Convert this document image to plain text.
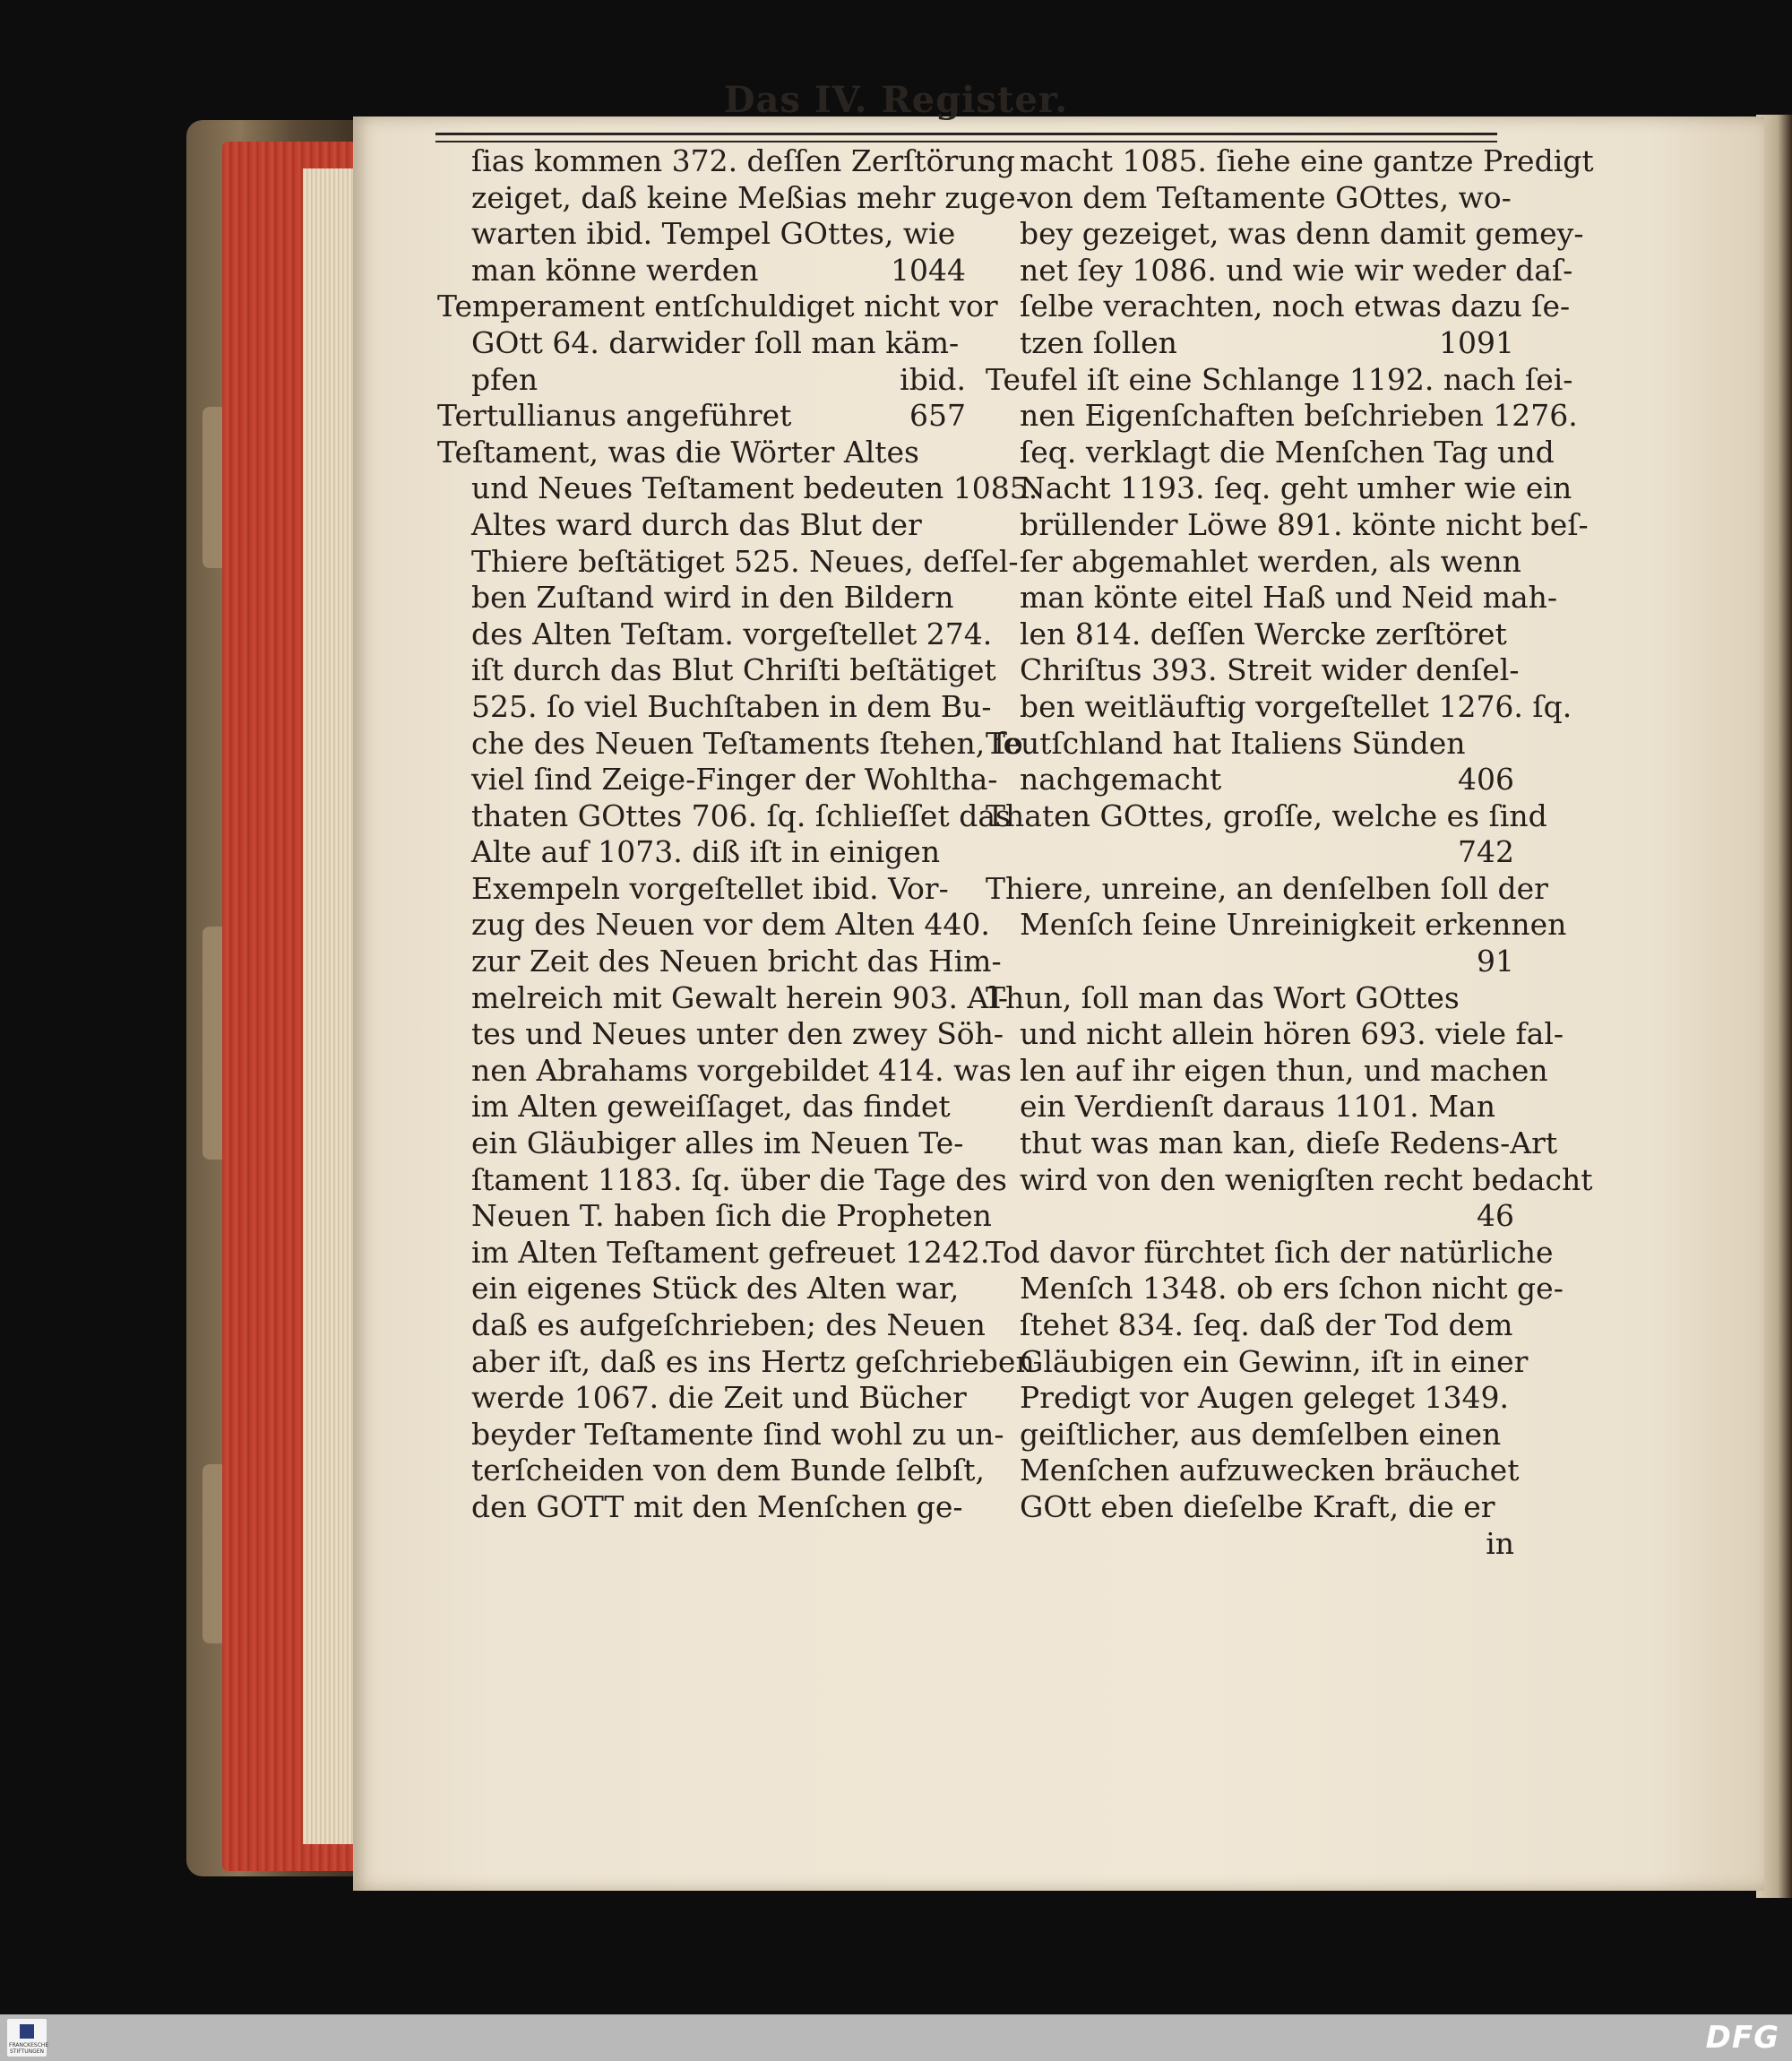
Das IV. Register.
ſias kommen 372. deſſen Zerſtörung
zeiget, daß keine Meßias mehr zuge-
warten ibid. Tempel GOttes, wie
1044
man könne werden
Temperament entſchuldiget nicht vor
GOtt 64. darwider ſoll man käm-
ibid.
pfen
657
Tertullianus angeführet
Teſtament, was die Wörter Altes
und Neues Teſtament bedeuten 1085.
Altes ward durch das Blut der
Thiere beſtätiget 525. Neues, deſſel-
ben Zuſtand wird in den Bildern
des Alten Teſtam. vorgeſtellet 274.
iſt durch das Blut Chriſti beſtätiget
525. ſo viel Buchſtaben in dem Bu-
che des Neuen Teſtaments ſtehen, ſo
viel ſind Zeige-Finger der Wohltha-
thaten GOttes 706. ſq. ſchlieſſet das
Alte auf 1073. diß iſt in einigen
Exempeln vorgeſtellet ibid. Vor-
zug des Neuen vor dem Alten 440.
zur Zeit des Neuen bricht das Him-
melreich mit Gewalt herein 903. Al-
tes und Neues unter den zwey Söh-
nen Abrahams vorgebildet 414. was
im Alten geweiſſaget, das findet
ein Gläubiger alles im Neuen Te-
ſtament 1183. ſq. über die Tage des
Neuen T. haben ſich die Propheten
im Alten Teſtament gefreuet 1242.
ein eigenes Stück des Alten war,
daß es aufgeſchrieben; des Neuen
aber iſt, daß es ins Hertz geſchrieben
werde 1067. die Zeit und Bücher
beyder Teſtamente ſind wohl zu un-
terſcheiden von dem Bunde ſelbſt,
den GOTT mit den Menſchen ge-
macht 1085. ſiehe eine gantze Predigt
von dem Teſtamente GOttes, wo-
bey gezeiget, was denn damit gemey-
net ſey 1086. und wie wir weder daſ-
ſelbe verachten, noch etwas dazu ſe-
1091
tzen ſollen
Teufel iſt eine Schlange 1192. nach ſei-
nen Eigenſchaften beſchrieben 1276.
ſeq. verklagt die Menſchen Tag und
Nacht 1193. ſeq. geht umher wie ein
brüllender Löwe 891. könte nicht beſ-
ſer abgemahlet werden, als wenn
man könte eitel Haß und Neid mah-
len 814. deſſen Wercke zerſtöret
Chriſtus 393. Streit wider denſel-
ben weitläuftig vorgeſtellet 1276. ſq.
Teutſchland hat Italiens Sünden
406
nachgemacht
Thaten GOttes, groſſe, welche es ſind
742
Thiere, unreine, an denſelben ſoll der
Menſch ſeine Unreinigkeit erkennen
91
Thun, ſoll man das Wort GOttes
und nicht allein hören 693. viele fal-
len auf ihr eigen thun, und machen
ein Verdienſt daraus 1101. Man
thut was man kan, dieſe Redens-Art
wird von den wenigſten recht bedacht
46
Tod davor fürchtet ſich der natürliche
Menſch 1348. ob ers ſchon nicht ge-
ſtehet 834. ſeq. daß der Tod dem
Gläubigen ein Gewinn, iſt in einer
Predigt vor Augen geleget 1349.
geiſtlicher, aus demſelben einen
Menſchen aufzuwecken bräuchet
GOtt eben dieſelbe Kraft, die er
in
FRANCKESCHE STIFTUNGEN	DFG
